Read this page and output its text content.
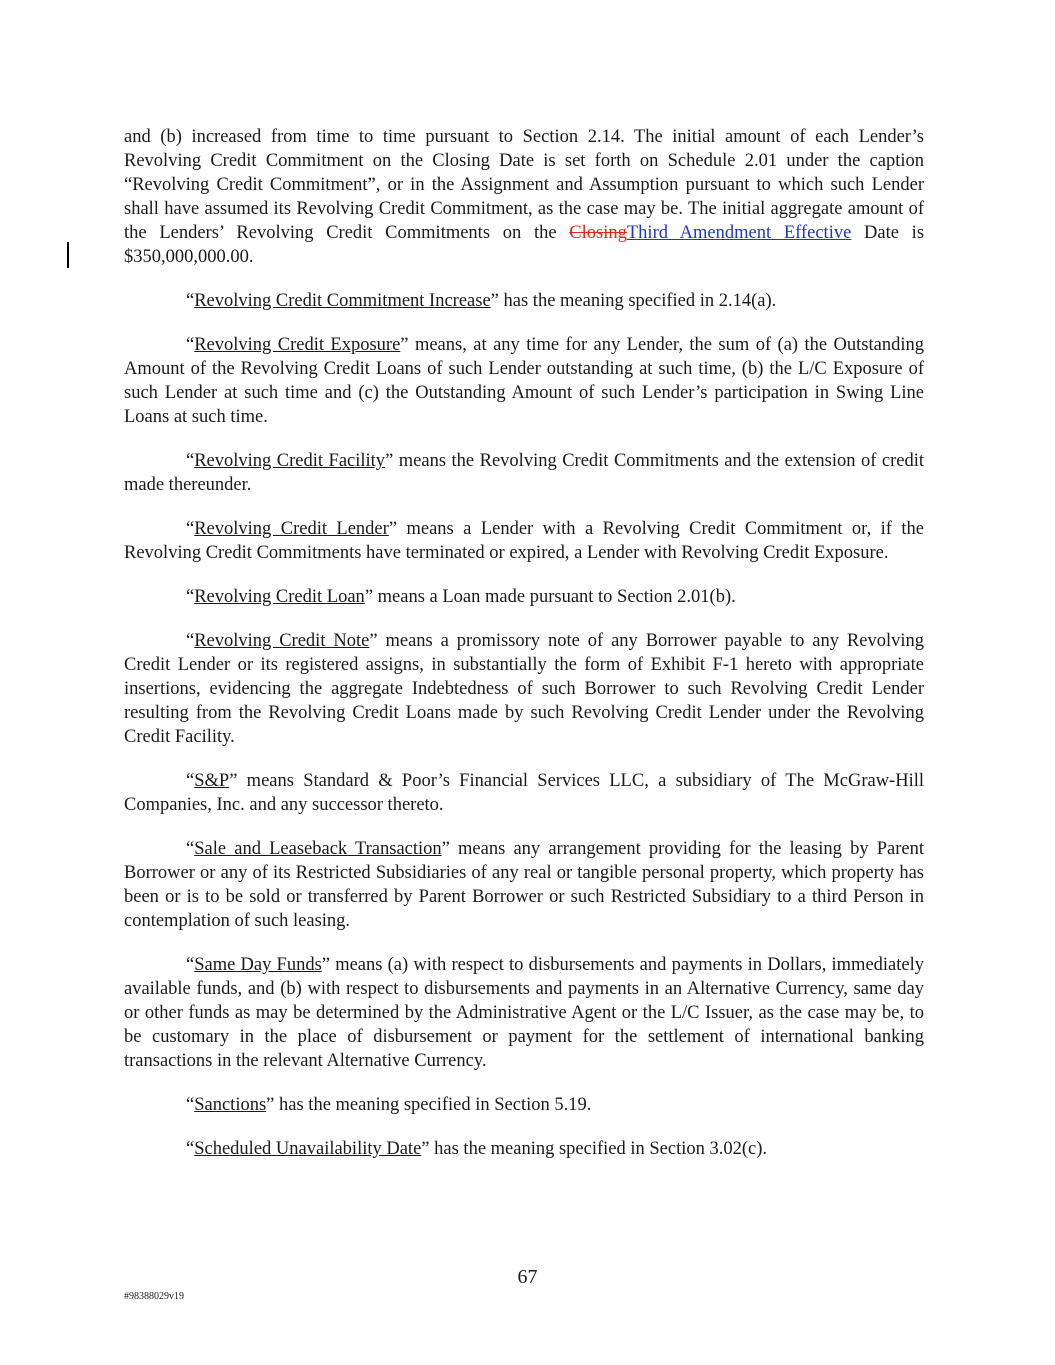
and (b) increased from time to time pursuant to Section 2.14. The initial amount of each Lender’s Revolving Credit Commitment on the Closing Date is set forth on Schedule 2.01 under the caption “Revolving Credit Commitment”, or in the Assignment and Assumption pursuant to which such Lender shall have assumed its Revolving Credit Commitment, as the case may be. The initial aggregate amount of the Lenders’ Revolving Credit Commitments on the ClosingThird Amendment Effective Date is $350,000,000.00.

“Revolving Credit Commitment Increase” has the meaning specified in 2.14(a).

“Revolving Credit Exposure” means, at any time for any Lender, the sum of (a) the Outstanding Amount of the Revolving Credit Loans of such Lender outstanding at such time, (b) the L/C Exposure of such Lender at such time and (c) the Outstanding Amount of such Lender’s participation in Swing Line Loans at such time.

“Revolving Credit Facility” means the Revolving Credit Commitments and the extension of credit made thereunder.

“Revolving Credit Lender” means a Lender with a Revolving Credit Commitment or, if the Revolving Credit Commitments have terminated or expired, a Lender with Revolving Credit Exposure.

“Revolving Credit Loan” means a Loan made pursuant to Section 2.01(b).

“Revolving Credit Note” means a promissory note of any Borrower payable to any Revolving Credit Lender or its registered assigns, in substantially the form of Exhibit F-1 hereto with appropriate insertions, evidencing the aggregate Indebtedness of such Borrower to such Revolving Credit Lender resulting from the Revolving Credit Loans made by such Revolving Credit Lender under the Revolving Credit Facility.

“S&P” means Standard & Poor’s Financial Services LLC, a subsidiary of The McGraw-Hill Companies, Inc. and any successor thereto.

“Sale and Leaseback Transaction” means any arrangement providing for the leasing by Parent Borrower or any of its Restricted Subsidiaries of any real or tangible personal property, which property has been or is to be sold or transferred by Parent Borrower or such Restricted Subsidiary to a third Person in contemplation of such leasing.

“Same Day Funds” means (a) with respect to disbursements and payments in Dollars, immediately available funds, and (b) with respect to disbursements and payments in an Alternative Currency, same day or other funds as may be determined by the Administrative Agent or the L/C Issuer, as the case may be, to be customary in the place of disbursement or payment for the settlement of international banking transactions in the relevant Alternative Currency.

“Sanctions” has the meaning specified in Section 5.19.

“Scheduled Unavailability Date” has the meaning specified in Section 3.02(c).

67
#98388029v19
